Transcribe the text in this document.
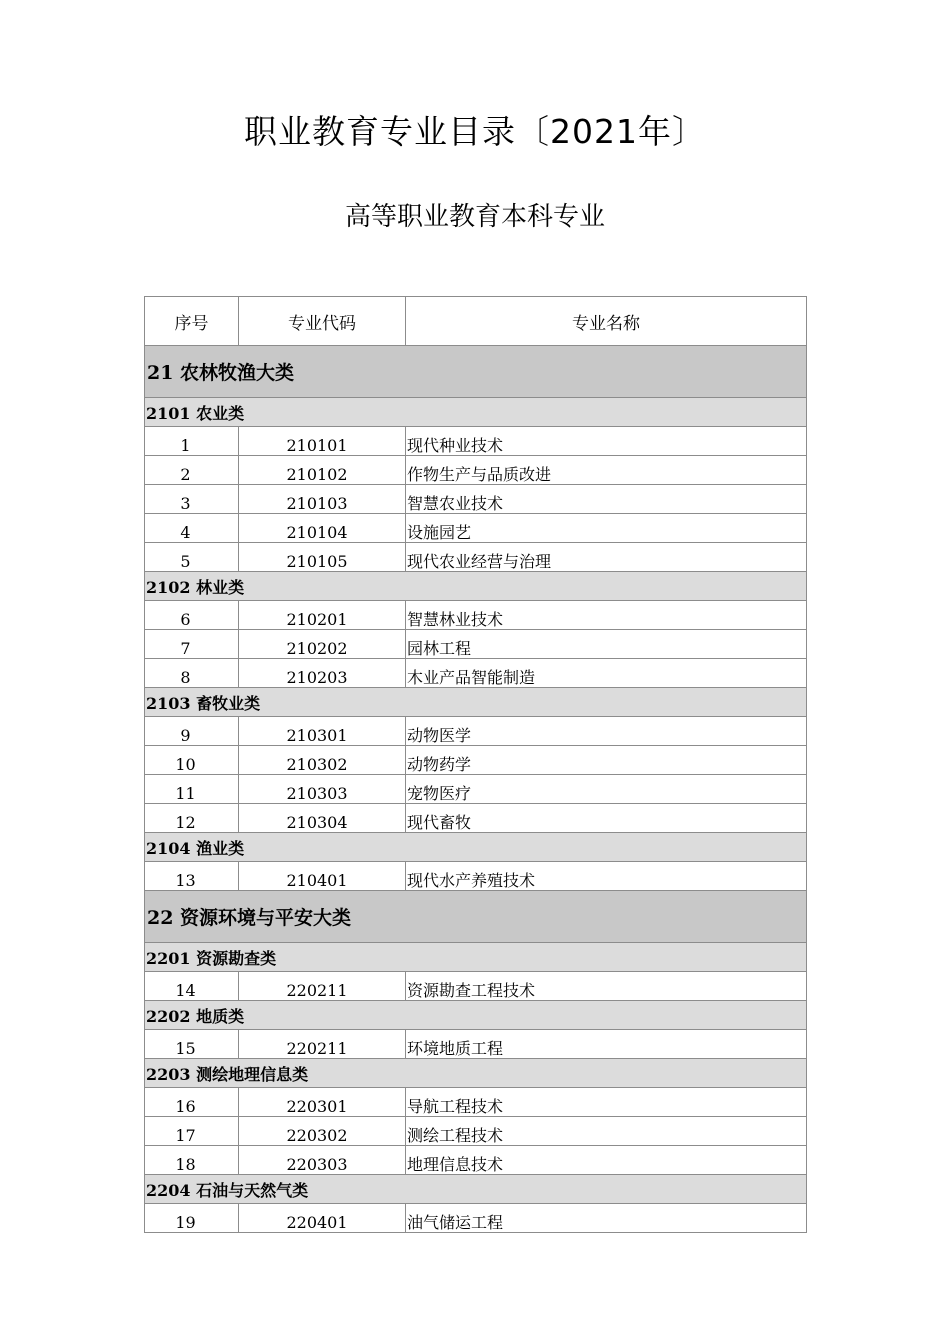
职业教育专业目录〔2021年〕
高等职业教育本科专业
序号	专业代码	专业名称
21 农林牧渔大类		
2101 农业类		
1	210101	现代种业技术
2	210102	作物生产与品质改进
3	210103	智慧农业技术
4	210104	设施园艺
5	210105	现代农业经营与治理
2102 林业类		
6	210201	智慧林业技术
7	210202	园林工程
8	210203	木业产品智能制造
2103 畜牧业类		
9	210301	动物医学
10	210302	动物药学
11	210303	宠物医疗
12	210304	现代畜牧
2104 渔业类		
13	210401	现代水产养殖技术
22 资源环境与平安大类		
2201 资源勘查类		
14	220211	资源勘查工程技术
2202 地质类		
15	220211	环境地质工程
2203 测绘地理信息类		
16	220301	导航工程技术
17	220302	测绘工程技术
18	220303	地理信息技术
2204 石油与天然气类		
19	220401	油气储运工程
